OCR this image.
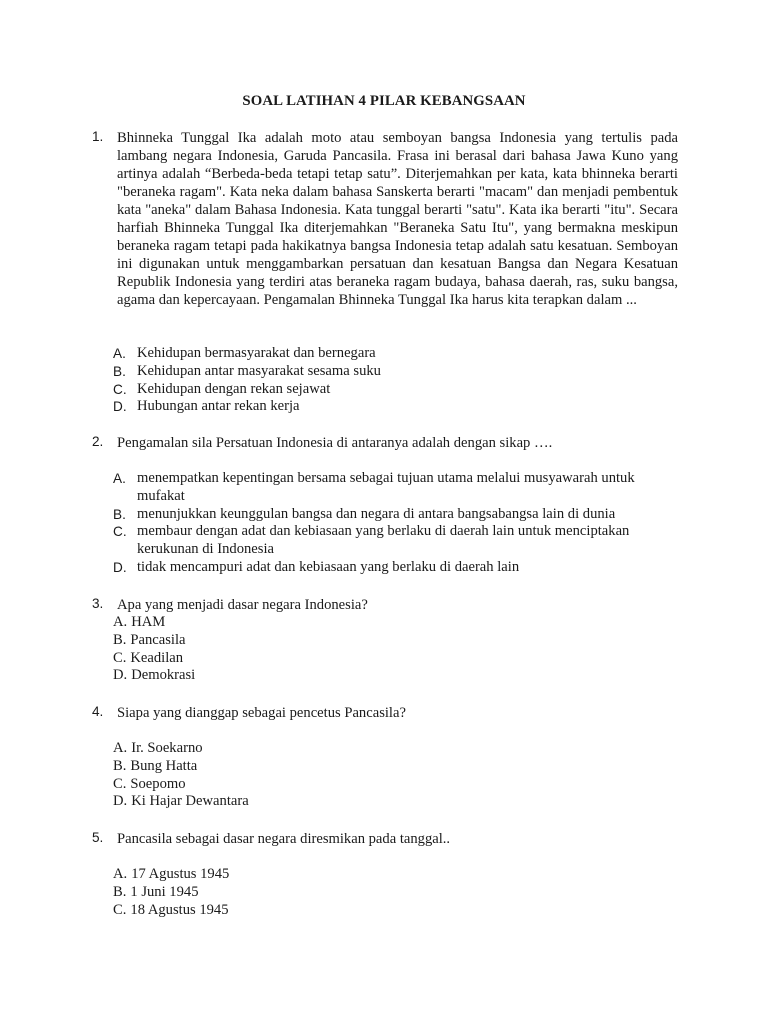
SOAL LATIHAN 4 PILAR KEBANGSAAN
1. Bhinneka Tunggal Ika adalah moto atau semboyan bangsa Indonesia yang tertulis pada lambang negara Indonesia, Garuda Pancasila. Frasa ini berasal dari bahasa Jawa Kuno yang artinya adalah “Berbeda-beda tetapi tetap satu”. Diterjemahkan per kata, kata bhinneka berarti "beraneka ragam". Kata neka dalam bahasa Sanskerta berarti "macam" dan menjadi pembentuk kata "aneka" dalam Bahasa Indonesia. Kata tunggal berarti "satu". Kata ika berarti "itu". Secara harfiah Bhinneka Tunggal Ika diterjemahkan "Beraneka Satu Itu", yang bermakna meskipun beraneka ragam tetapi pada hakikatnya bangsa Indonesia tetap adalah satu kesatuan. Semboyan ini digunakan untuk menggambarkan persatuan dan kesatuan Bangsa dan Negara Kesatuan Republik Indonesia yang terdiri atas beraneka ragam budaya, bahasa daerah, ras, suku bangsa, agama dan kepercayaan. Pengamalan Bhinneka Tunggal Ika harus kita terapkan dalam ...
A. Kehidupan bermasyarakat dan bernegara
B. Kehidupan antar masyarakat sesama suku
C. Kehidupan dengan rekan sejawat
D. Hubungan antar rekan kerja
2. Pengamalan sila Persatuan Indonesia di antaranya adalah dengan sikap ….
A. menempatkan kepentingan bersama sebagai tujuan utama melalui musyawarah untuk mufakat
B. menunjukkan keunggulan bangsa dan negara di antara bangsabangsa lain di dunia
C. membaur dengan adat dan kebiasaan yang berlaku di daerah lain untuk menciptakan kerukunan di Indonesia
D. tidak mencampuri adat dan kebiasaan yang berlaku di daerah lain
3. Apa yang menjadi dasar negara Indonesia?
A. HAM
B. Pancasila
C. Keadilan
D. Demokrasi
4. Siapa yang dianggap sebagai pencetus Pancasila?
A. Ir. Soekarno
B. Bung Hatta
C. Soepomo
D. Ki Hajar Dewantara
5. Pancasila sebagai dasar negara diresmikan pada tanggal..
A. 17 Agustus 1945
B. 1 Juni 1945
C. 18 Agustus 1945
